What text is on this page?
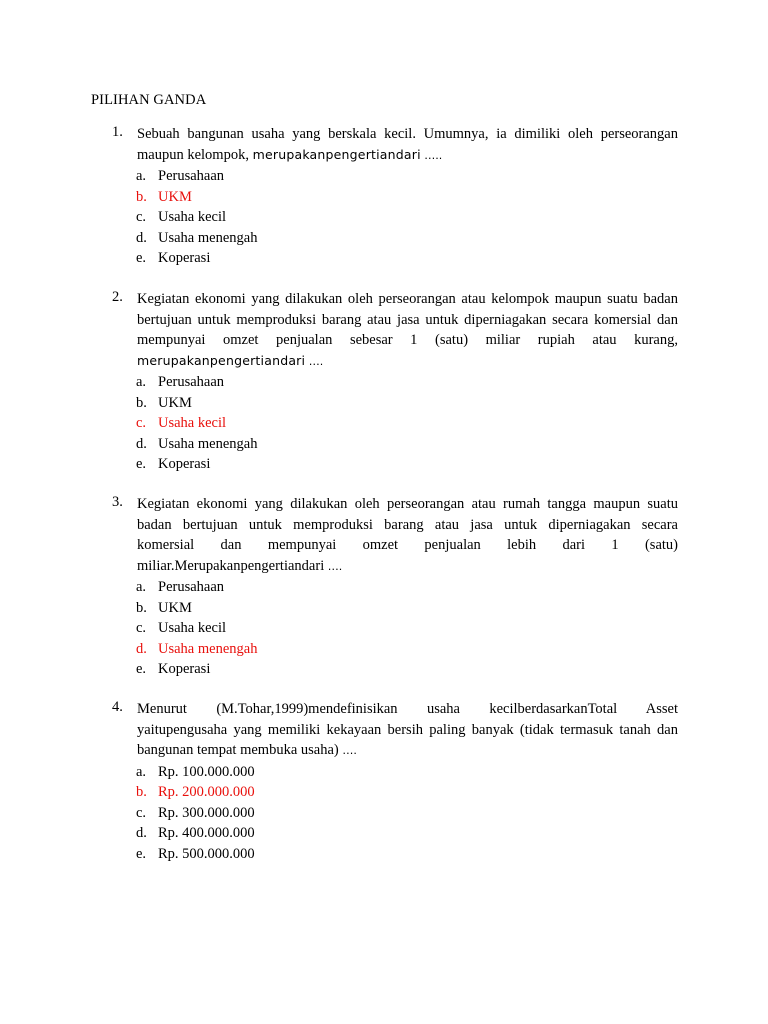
PILIHAN GANDA
1. Sebuah bangunan usaha yang berskala kecil. Umumnya, ia dimiliki oleh perseorangan
maupun kelompok, merupakanpengertiandari …..
a. Perusahaan
b. UKM
c. Usaha kecil
d. Usaha menengah
e. Koperasi
2. Kegiatan ekonomi yang dilakukan oleh perseorangan atau kelompok maupun suatu badan
bertujuan untuk memproduksi barang atau jasa untuk diperniagakan secara komersial dan
mempunyai omzet penjualan sebesar 1 (satu) miliar rupiah atau kurang,
merupakanpengertiandari ….
a. Perusahaan
b. UKM
c. Usaha kecil
d. Usaha menengah
e. Koperasi
3. Kegiatan ekonomi yang dilakukan oleh perseorangan atau rumah tangga maupun suatu
badan bertujuan untuk memproduksi barang atau jasa untuk diperniagakan secara
komersial dan mempunyai omzet penjualan lebih dari 1 (satu)
miliar.Merupakanpengertiandari ….
a. Perusahaan
b. UKM
c. Usaha kecil
d. Usaha menengah
e. Koperasi
4. Menurut (M.Tohar,1999)mendefinisikan usaha kecilberdasarkanTotal Asset
yaitupengusaha yang memiliki kekayaan bersih paling banyak (tidak termasuk tanah dan
bangunan tempat membuka usaha) ….
a. Rp. 100.000.000
b. Rp. 200.000.000
c. Rp. 300.000.000
d. Rp. 400.000.000
e. Rp. 500.000.000
